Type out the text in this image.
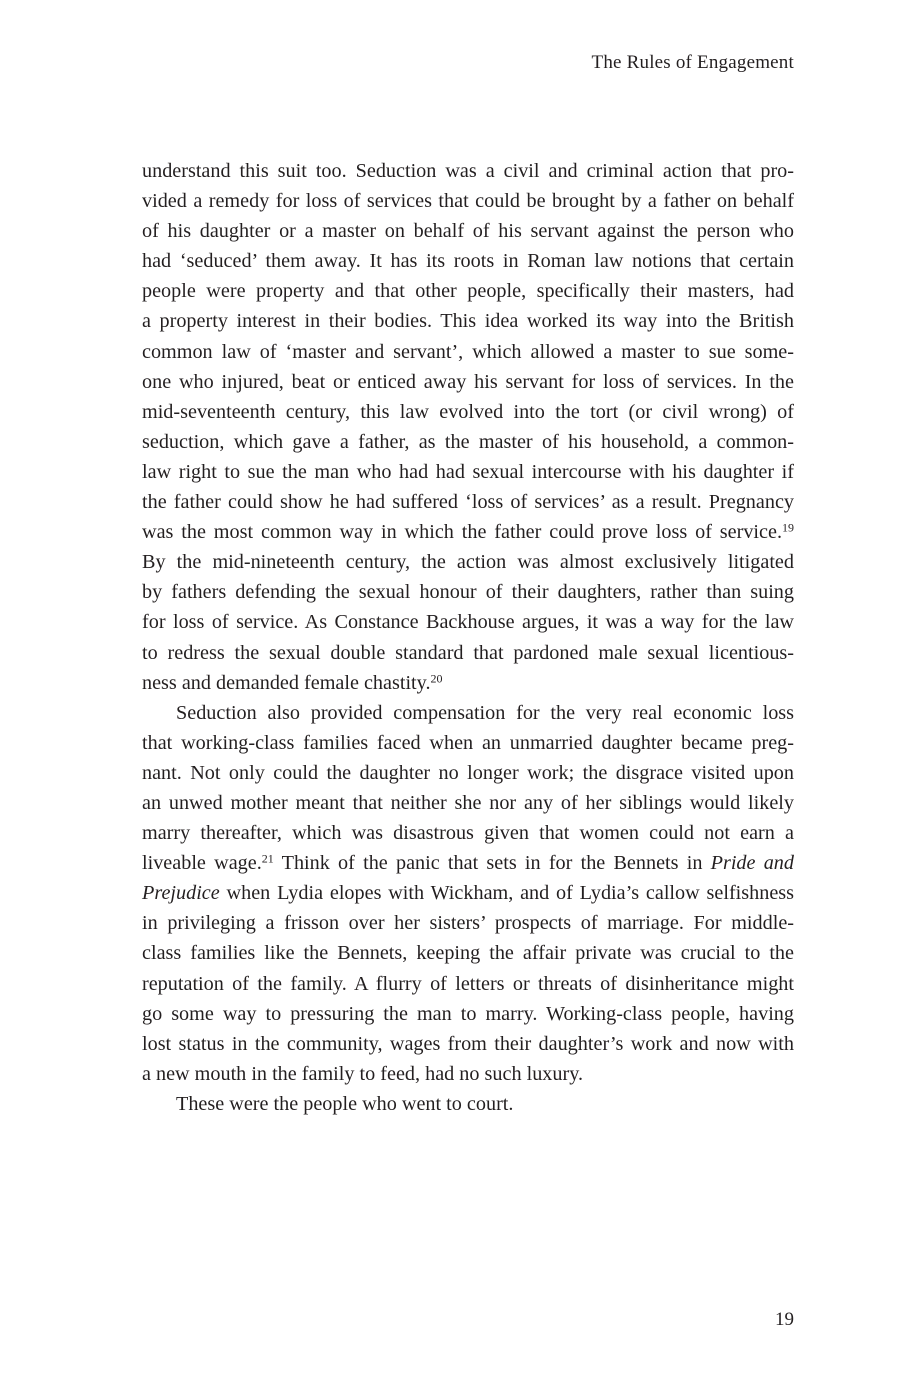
The Rules of Engagement
understand this suit too. Seduction was a civil and criminal action that pro-
vided a remedy for loss of services that could be brought by a father on behalf
of his daughter or a master on behalf of his servant against the person who
had ‘seduced’ them away. It has its roots in Roman law notions that certain
people were property and that other people, specifically their masters, had
a property interest in their bodies. This idea worked its way into the British
common law of ‘master and servant’, which allowed a master to sue some-
one who injured, beat or enticed away his servant for loss of services. In the
mid-seventeenth century, this law evolved into the tort (or civil wrong) of
seduction, which gave a father, as the master of his household, a common-
law right to sue the man who had had sexual intercourse with his daughter if
the father could show he had suffered ‘loss of services’ as a result. Pregnancy
was the most common way in which the father could prove loss of service.$^{19}$
By the mid-nineteenth century, the action was almost exclusively litigated
by fathers defending the sexual honour of their daughters, rather than suing
for loss of service. As Constance Backhouse argues, it was a way for the law
to redress the sexual double standard that pardoned male sexual licentious-
ness and demanded female chastity.$^{20}$
Seduction also provided compensation for the very real economic loss
that working-class families faced when an unmarried daughter became preg-
nant. Not only could the daughter no longer work; the disgrace visited upon
an unwed mother meant that neither she nor any of her siblings would likely
marry thereafter, which was disastrous given that women could not earn a
liveable wage.$^{21}$ Think of the panic that sets in for the Bennets in Pride and
Prejudice when Lydia elopes with Wickham, and of Lydia’s callow selfishness
in privileging a frisson over her sisters’ prospects of marriage. For middle-
class families like the Bennets, keeping the affair private was crucial to the
reputation of the family. A flurry of letters or threats of disinheritance might
go some way to pressuring the man to marry. Working-class people, having
lost status in the community, wages from their daughter’s work and now with
a new mouth in the family to feed, had no such luxury.
These were the people who went to court.
19
